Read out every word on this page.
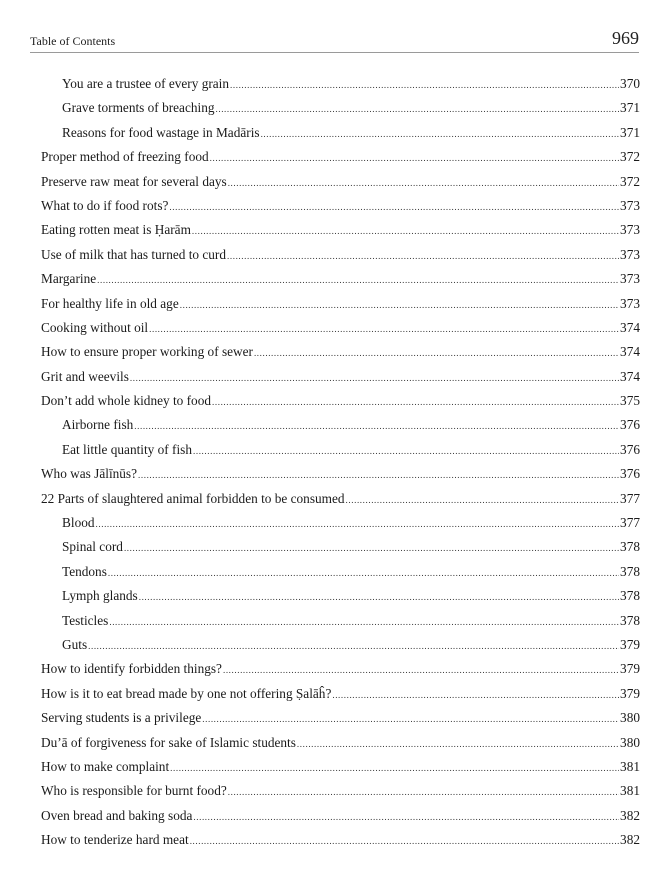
Table of Contents	969
You are a trustee of every grain .....	370
Grave torments of breaching .....	371
Reasons for food wastage in Madāris .....	371
Proper method of freezing food .....	372
Preserve raw meat for several days .....	372
What to do if food rots? .....	373
Eating rotten meat is Ḥarām .....	373
Use of milk that has turned to curd .....	373
Margarine .....	373
For healthy life in old age .....	373
Cooking without oil .....	374
How to ensure proper working of sewer .....	374
Grit and weevils .....	374
Don’t add whole kidney to food .....	375
Airborne fish .....	376
Eat little quantity of fish .....	376
Who was Jālīnūs? .....	376
22 Parts of slaughtered animal forbidden to be consumed .....	377
Blood .....	377
Spinal cord .....	378
Tendons .....	378
Lymph glands .....	378
Testicles .....	378
Guts .....	379
How to identify forbidden things? .....	379
How is it to eat bread made by one not offering Ṣalāĥ? .....	379
Serving students is a privilege .....	380
Du’ā of forgiveness for sake of Islamic students .....	380
How to make complaint .....	381
Who is responsible for burnt food? .....	381
Oven bread and baking soda .....	382
How to tenderize hard meat .....	382
